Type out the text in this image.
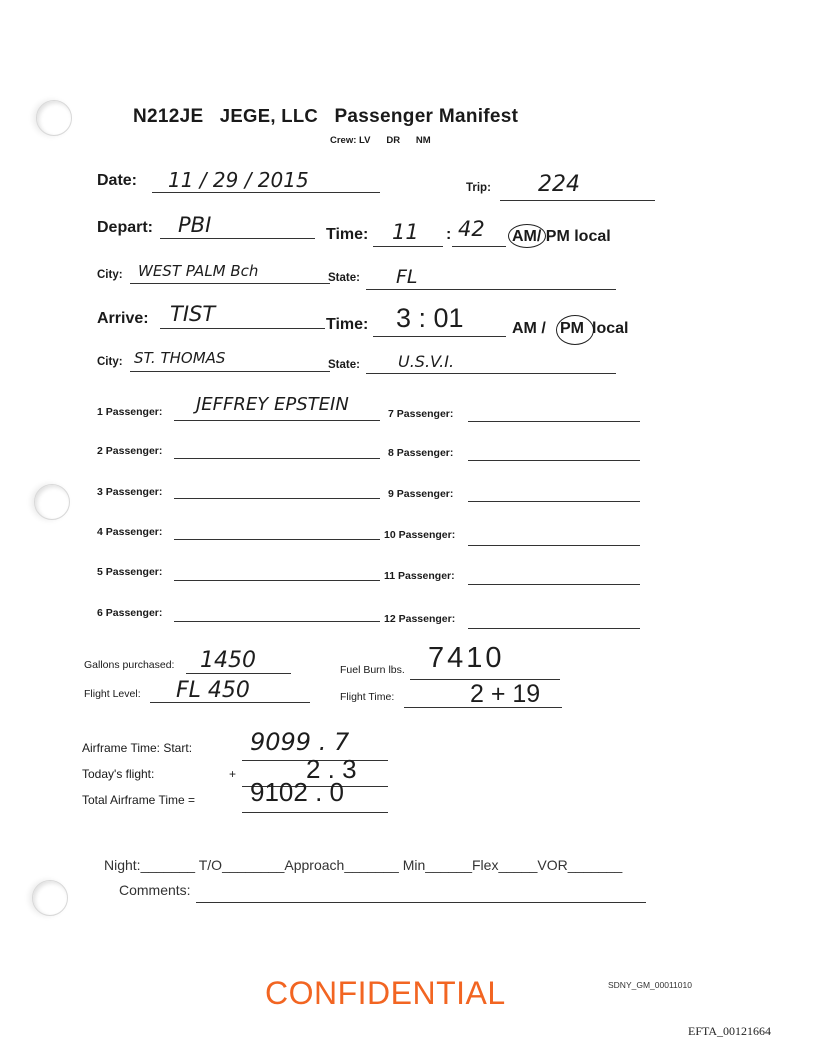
N212JE JEGE, LLC Passenger Manifest
Crew: LV DR NM
Date: 11 / 29 / 2015	Trip: 224
Depart: PBI	Time: 11 : 42 AM/ PM local
City: WEST PALM Bch	State: FL
Arrive: TIST	Time: 3 : 01	AM / PM local
City: ST. THOMAS	State: U.S.V.I.
1 Passenger: JEFFREY EPSTEIN
2 Passenger:
3 Passenger:
4 Passenger:
5 Passenger:
6 Passenger:
7 Passenger:
8 Passenger:
9 Passenger:
10 Passenger:
11 Passenger:
12 Passenger:
Gallons purchased: 1450	Fuel Burn lbs. 7410
Flight Level: FL 450	Flight Time:	2 + 19
Airframe Time: Start: 9099 . 7
Today's flight:	+	2 . 3
Total Airframe Time = 9102 . 0
Night:_______ T/O________Approach_______ Min______Flex_____VOR_______
Comments:
CONFIDENTIAL	SDNY_GM_00011010
EFTA_00121664
